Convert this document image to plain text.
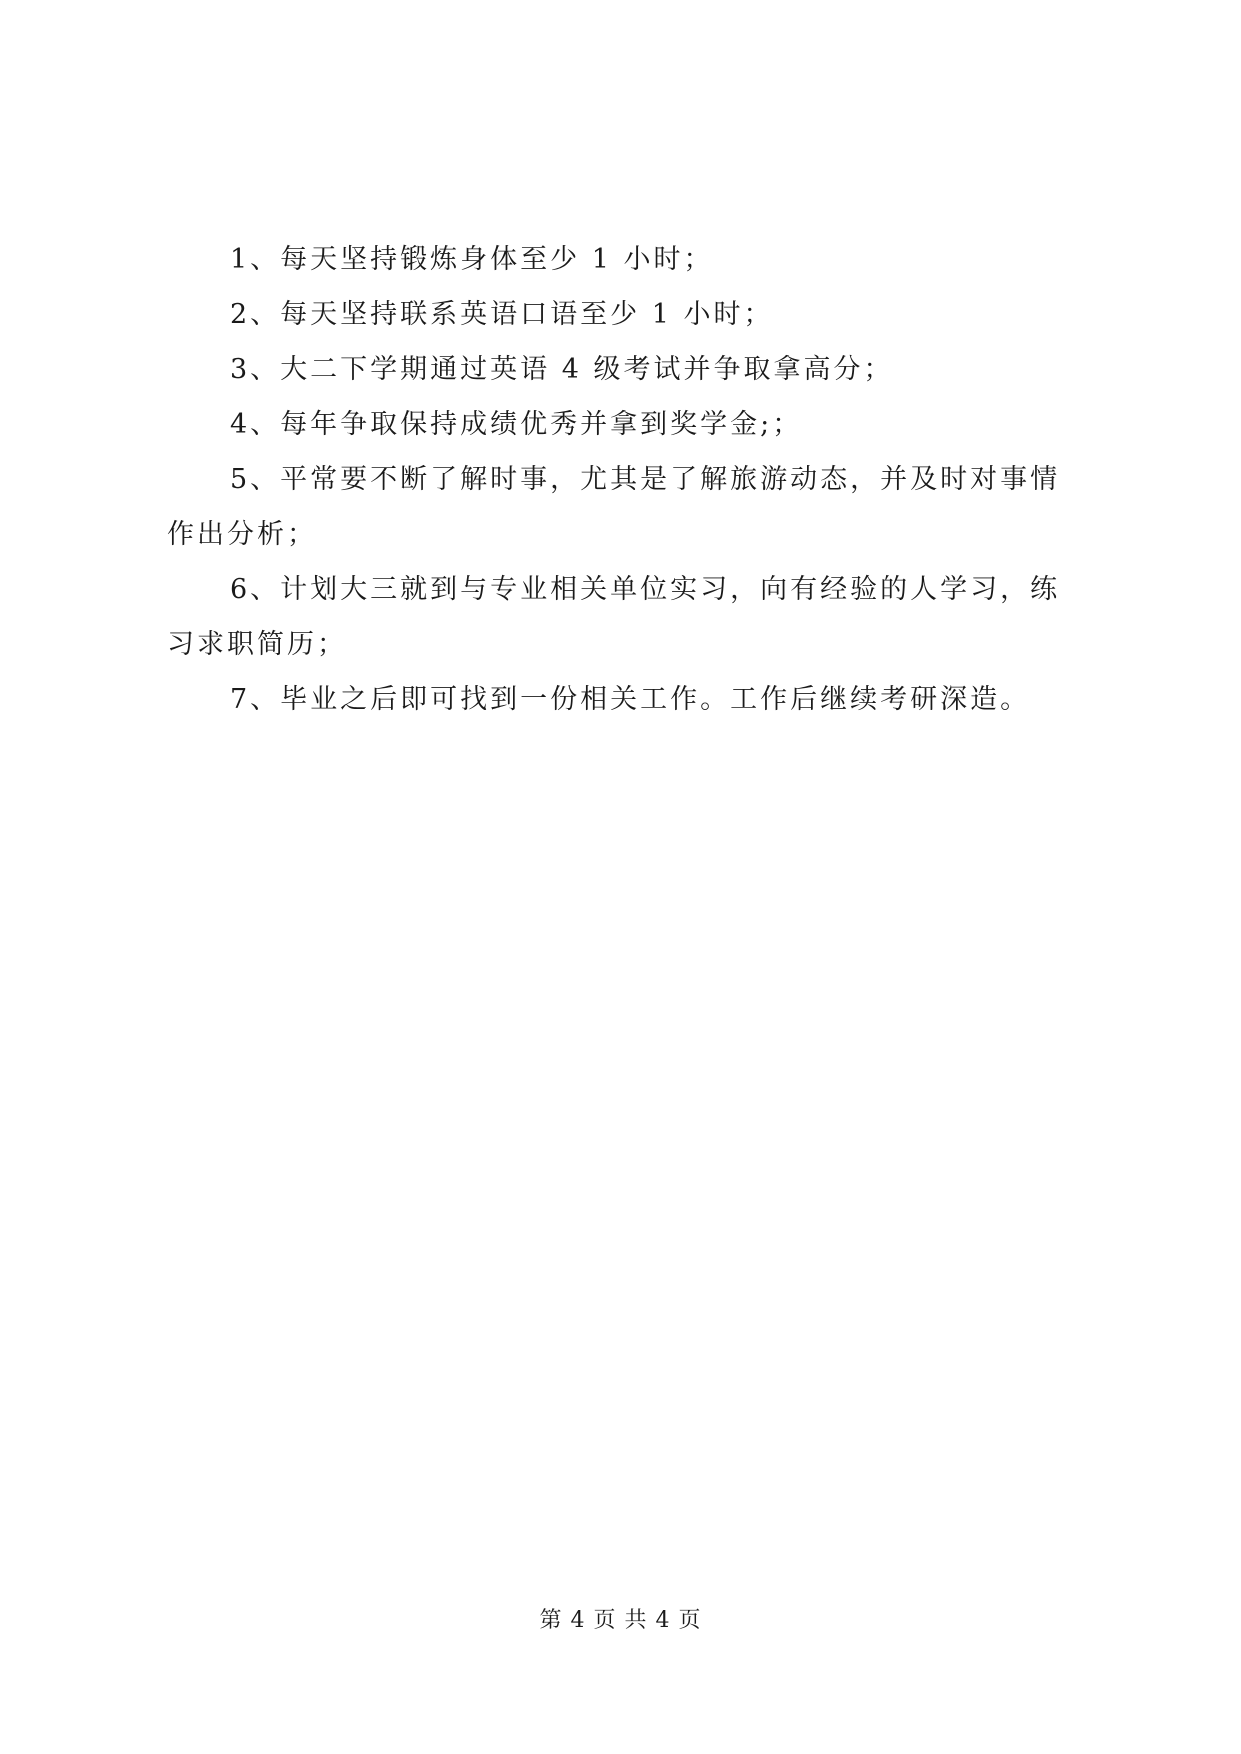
1、每天坚持锻炼身体至少 1 小时；

2、每天坚持联系英语口语至少 1 小时；

3、大二下学期通过英语 4 级考试并争取拿高分；

4、每年争取保持成绩优秀并拿到奖学金;；

5、平常要不断了解时事，尤其是了解旅游动态，并及时对事情作出分析；

6、计划大三就到与专业相关单位实习，向有经验的人学习，练习求职简历；

7、毕业之后即可找到一份相关工作。工作后继续考研深造。

第 4 页 共 4 页
